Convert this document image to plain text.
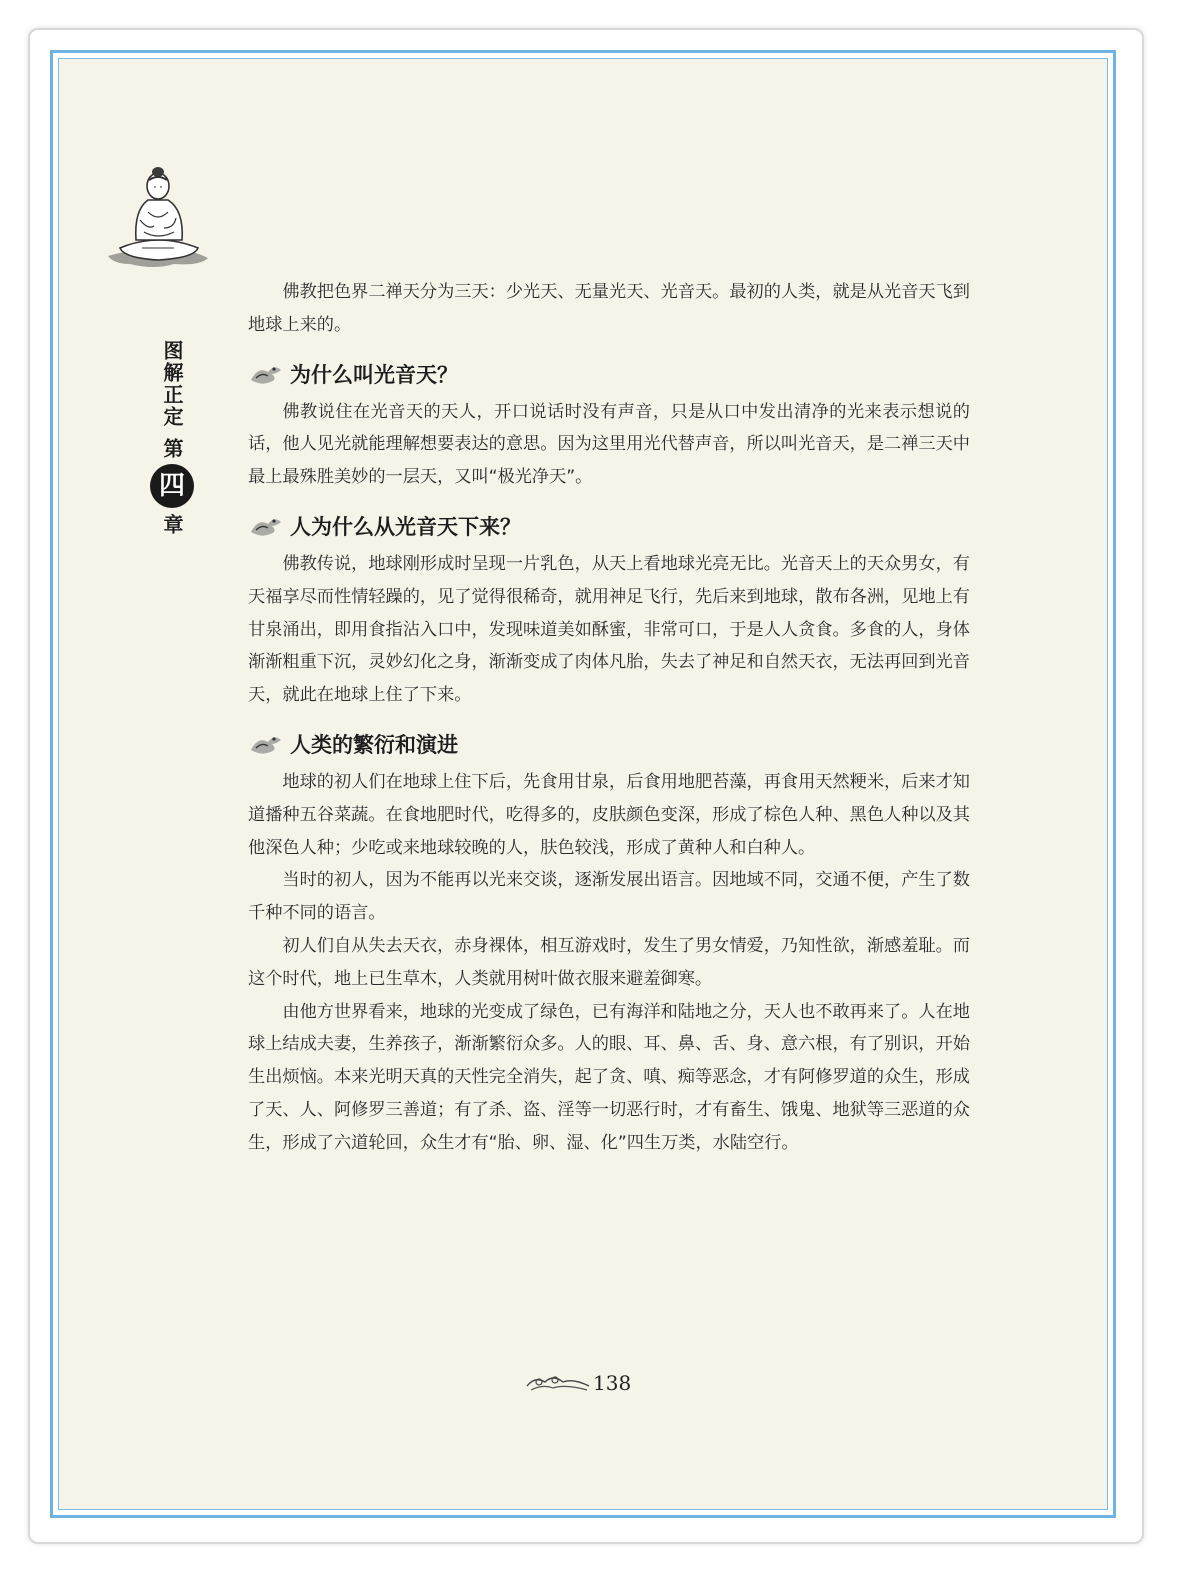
图解正定
第
四
章

佛教把色界二禅天分为三天：少光天、无量光天、光音天。最初的人类，就是从光音天飞到地球上来的。

为什么叫光音天？

佛教说住在光音天的天人，开口说话时没有声音，只是从口中发出清净的光来表示想说的话，他人见光就能理解想要表达的意思。因为这里用光代替声音，所以叫光音天，是二禅三天中最上最殊胜美妙的一层天，又叫“极光净天”。

人为什么从光音天下来？

佛教传说，地球刚形成时呈现一片乳色，从天上看地球光亮无比。光音天上的天众男女，有天福享尽而性情轻躁的，见了觉得很稀奇，就用神足飞行，先后来到地球，散布各洲，见地上有甘泉涌出，即用食指沾入口中，发现味道美如酥蜜，非常可口，于是人人贪食。多食的人，身体渐渐粗重下沉，灵妙幻化之身，渐渐变成了肉体凡胎，失去了神足和自然天衣，无法再回到光音天，就此在地球上住了下来。

人类的繁衍和演进

地球的初人们在地球上住下后，先食用甘泉，后食用地肥苔藻，再食用天然粳米，后来才知道播种五谷菜蔬。在食地肥时代，吃得多的，皮肤颜色变深，形成了棕色人种、黑色人种以及其他深色人种；少吃或来地球较晚的人，肤色较浅，形成了黄种人和白种人。

当时的初人，因为不能再以光来交谈，逐渐发展出语言。因地域不同，交通不便，产生了数千种不同的语言。

初人们自从失去天衣，赤身裸体，相互游戏时，发生了男女情爱，乃知性欲，渐感羞耻。而这个时代，地上已生草木，人类就用树叶做衣服来避羞御寒。

由他方世界看来，地球的光变成了绿色，已有海洋和陆地之分，天人也不敢再来了。人在地球上结成夫妻，生养孩子，渐渐繁衍众多。人的眼、耳、鼻、舌、身、意六根，有了别识，开始生出烦恼。本来光明天真的天性完全消失，起了贪、嗔、痴等恶念，才有阿修罗道的众生，形成了天、人、阿修罗三善道；有了杀、盗、淫等一切恶行时，才有畜生、饿鬼、地狱等三恶道的众生，形成了六道轮回，众生才有“胎、卵、湿、化”四生万类，水陆空行。

138
